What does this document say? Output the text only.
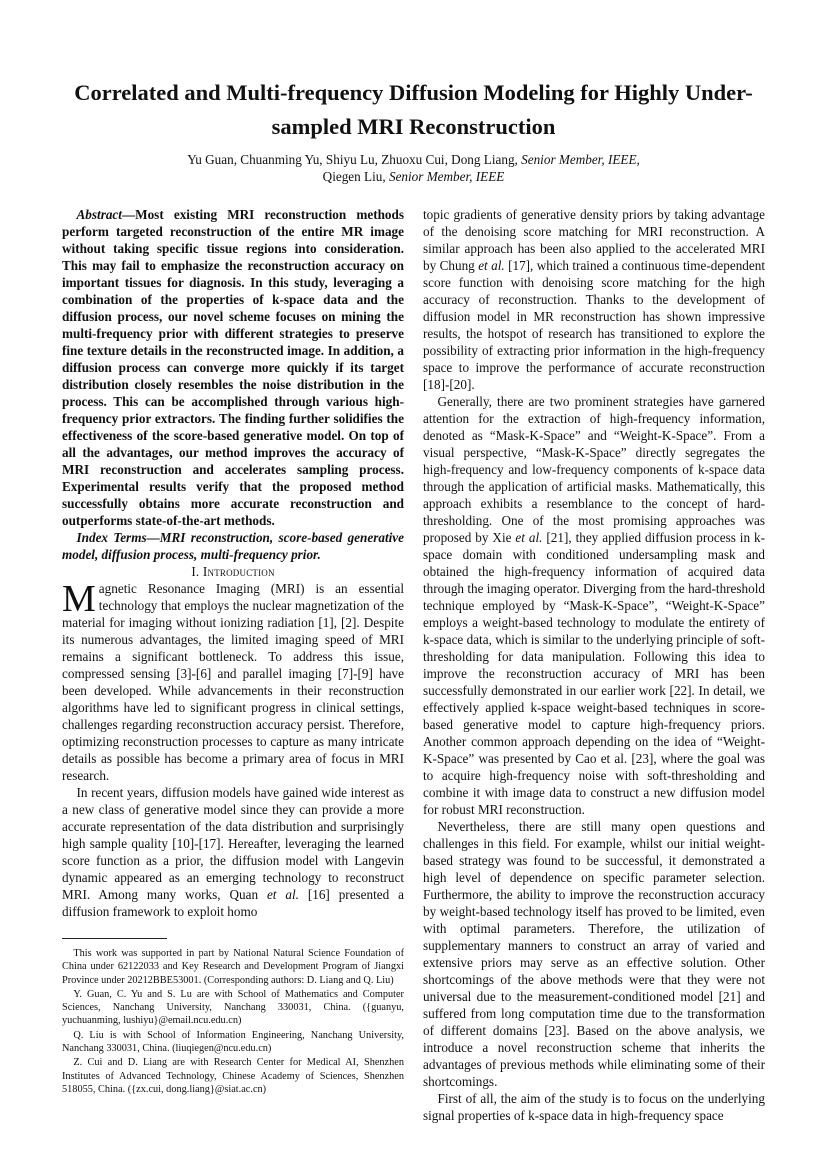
Correlated and Multi-frequency Diffusion Modeling for Highly Under-sampled MRI Reconstruction
Yu Guan, Chuanming Yu, Shiyu Lu, Zhuoxu Cui, Dong Liang, Senior Member, IEEE,
Qiegen Liu, Senior Member, IEEE

Abstract—Most existing MRI reconstruction methods perform targeted reconstruction of the entire MR image without taking specific tissue regions into consideration. This may fail to emphasize the reconstruction accuracy on important tissues for diagnosis. In this study, leveraging a combination of the properties of k-space data and the diffusion process, our novel scheme focuses on mining the multi-frequency prior with different strategies to preserve fine texture details in the reconstructed image. In addition, a diffusion process can converge more quickly if its target distribution closely resembles the noise distribution in the process. This can be accomplished through various high-frequency prior extractors. The finding further solidifies the effectiveness of the score-based generative model. On top of all the advantages, our method improves the accuracy of MRI reconstruction and accelerates sampling process. Experimental results verify that the proposed method successfully obtains more accurate reconstruction and outperforms state-of-the-art methods.

Index Terms—MRI reconstruction, score-based generative model, diffusion process, multi-frequency prior.

I. Introduction

Magnetic Resonance Imaging (MRI) is an essential technology that employs the nuclear magnetization of the material for imaging without ionizing radiation [1], [2]. Despite its numerous advantages, the limited imaging speed of MRI remains a significant bottleneck. To address this issue, compressed sensing [3]-[6] and parallel imaging [7]-[9] have been developed. While advancements in their reconstruction algorithms have led to significant progress in clinical settings, challenges regarding reconstruction accuracy persist. Therefore, optimizing reconstruction processes to capture as many intricate details as possible has become a primary area of focus in MRI research.

In recent years, diffusion models have gained wide interest as a new class of generative model since they can provide a more accurate representation of the data distribution and surprisingly high sample quality [10]-[17]. Hereafter, leveraging the learned score function as a prior, the diffusion model with Langevin dynamic appeared as an emerging technology to reconstruct MRI. Among many works, Quan et al. [16] presented a diffusion framework to exploit homo

This work was supported in part by National Natural Science Foundation of China under 62122033 and Key Research and Development Program of Jiangxi Province under 20212BBE53001. (Corresponding authors: D. Liang and Q. Liu)

Y. Guan, C. Yu and S. Lu are with School of Mathematics and Computer Sciences, Nanchang University, Nanchang 330031, China. ({guanyu, yuchuanming, lushiyu}@email.ncu.edu.cn)

Q. Liu is with School of Information Engineering, Nanchang University, Nanchang 330031, China. (liuqiegen@ncu.edu.cn)

Z. Cui and D. Liang are with Research Center for Medical AI, Shenzhen Institutes of Advanced Technology, Chinese Academy of Sciences, Shenzhen 518055, China. ({zx.cui, dong.liang}@siat.ac.cn)

topic gradients of generative density priors by taking advantage of the denoising score matching for MRI reconstruction. A similar approach has been also applied to the accelerated MRI by Chung et al. [17], which trained a continuous time-dependent score function with denoising score matching for the high accuracy of reconstruction. Thanks to the development of diffusion model in MR reconstruction has shown impressive results, the hotspot of research has transitioned to explore the possibility of extracting prior information in the high-frequency space to improve the performance of accurate reconstruction [18]-[20].

Generally, there are two prominent strategies have garnered attention for the extraction of high-frequency information, denoted as “Mask-K-Space” and “Weight-K-Space”. From a visual perspective, “Mask-K-Space” directly segregates the high-frequency and low-frequency components of k-space data through the application of artificial masks. Mathematically, this approach exhibits a resemblance to the concept of hard-thresholding. One of the most promising approaches was proposed by Xie et al. [21], they applied diffusion process in k-space domain with conditioned undersampling mask and obtained the high-frequency information of acquired data through the imaging operator. Diverging from the hard-threshold technique employed by “Mask-K-Space”, “Weight-K-Space” employs a weight-based technology to modulate the entirety of k-space data, which is similar to the underlying principle of soft-thresholding for data manipulation. Following this idea to improve the reconstruction accuracy of MRI has been successfully demonstrated in our earlier work [22]. In detail, we effectively applied k-space weight-based techniques in score-based generative model to capture high-frequency priors. Another common approach depending on the idea of “Weight-K-Space” was presented by Cao et al. [23], where the goal was to acquire high-frequency noise with soft-thresholding and combine it with image data to construct a new diffusion model for robust MRI reconstruction.

Nevertheless, there are still many open questions and challenges in this field. For example, whilst our initial weight-based strategy was found to be successful, it demonstrated a high level of dependence on specific parameter selection. Furthermore, the ability to improve the reconstruction accuracy by weight-based technology itself has proved to be limited, even with optimal parameters. Therefore, the utilization of supplementary manners to construct an array of varied and extensive priors may serve as an effective solution. Other shortcomings of the above methods were that they were not universal due to the measurement-conditioned model [21] and suffered from long computation time due to the transformation of different domains [23]. Based on the above analysis, we introduce a novel reconstruction scheme that inherits the advantages of previous methods while eliminating some of their shortcomings.

First of all, the aim of the study is to focus on the underlying signal properties of k-space data in high-frequency space
